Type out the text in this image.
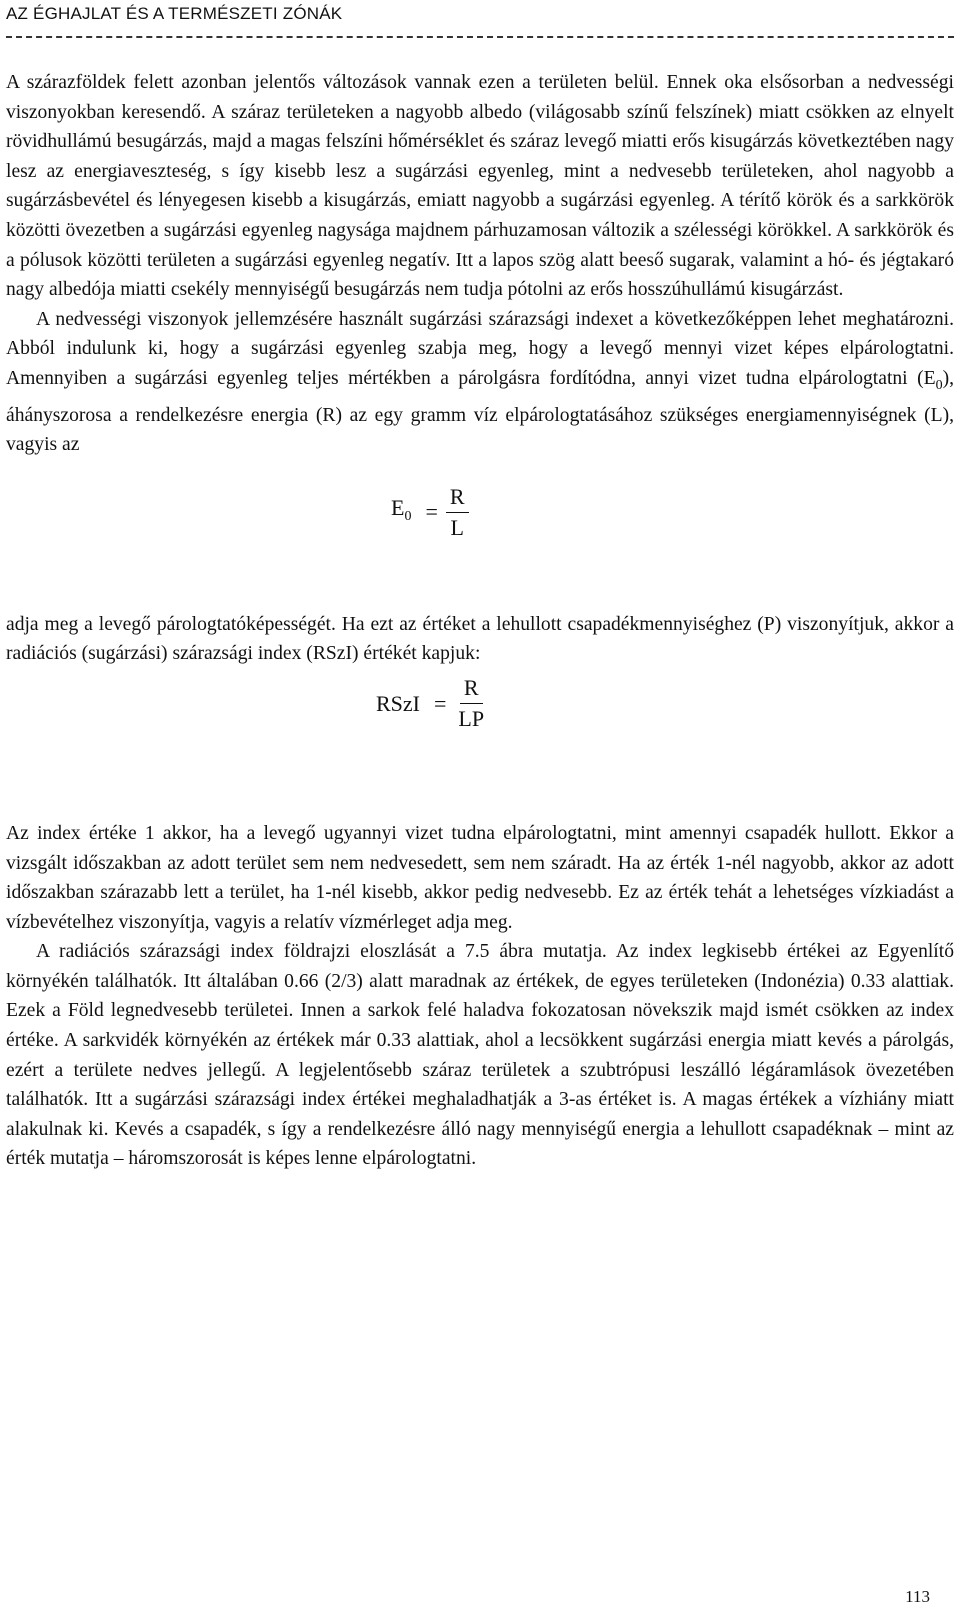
AZ ÉGHAJLAT ÉS A TERMÉSZETI ZÓNÁK

A szárazföldek felett azonban jelentős változások vannak ezen a területen belül. Ennek oka elsősorban a nedvességi viszonyokban keresendő. A száraz területeken a nagyobb albedo (világosabb színű felszínek) miatt csökken az elnyelt rövidhullámú besugárzás, majd a magas felszíni hőmérséklet és száraz levegő miatti erős kisugárzás következtében nagy lesz az energiaveszteség, s így kisebb lesz a sugárzási egyenleg, mint a nedvesebb területeken, ahol nagyobb a sugárzásbevétel és lényegesen kisebb a kisugárzás, emiatt nagyobb a sugárzási egyenleg. A térítő körök és a sarkkörök közötti övezetben a sugárzási egyenleg nagysága majdnem párhuzamosan változik a szélességi körökkel. A sarkkörök és a pólusok közötti területen a sugárzási egyenleg negatív. Itt a lapos szög alatt beeső sugarak, valamint a hó- és jégtakaró nagy albedója miatti csekély mennyiségű besugárzás nem tudja pótolni az erős hosszúhullámú kisugárzást.

A nedvességi viszonyok jellemzésére használt sugárzási szárazsági indexet a következőképpen lehet meghatározni. Abból indulunk ki, hogy a sugárzási egyenleg szabja meg, hogy a levegő mennyi vizet képes elpárologtatni. Amennyiben a sugárzási egyenleg teljes mértékben a párolgásra fordítódna, annyi vizet tudna elpárologtatni $(E_0)$, áhányszorosa a rendelkezésre energia (R) az egy gramm víz elpárologtatásához szükséges energiamennyiségnek (L), vagyis az

$E_0 = \frac{R}{L}$

adja meg a levegő párologtatóképességét. Ha ezt az értéket a lehullott csapadékmennyiséghez (P) viszonyítjuk, akkor a radiációs (sugárzási) szárazsági index (RSzI) értékét kapjuk:

RSzI = $\frac{R}{LP}$

Az index értéke 1 akkor, ha a levegő ugyannyi vizet tudna elpárologtatni, mint amennyi csapadék hullott. Ekkor a vizsgált időszakban az adott terület sem nem nedvesedett, sem nem száradt. Ha az érték 1-nél nagyobb, akkor az adott időszakban szárazabb lett a terület, ha 1-nél kisebb, akkor pedig nedvesebb. Ez az érték tehát a lehetséges vízkiadást a vízbevételhez viszonyítja, vagyis a relatív vízmérleget adja meg.

A radiációs szárazsági index földrajzi eloszlását a 7.5 ábra mutatja. Az index legkisebb értékei az Egyenlítő környékén találhatók. Itt általában 0.66 (2/3) alatt maradnak az értékek, de egyes területeken (Indonézia) 0.33 alattiak. Ezek a Föld legnedvesebb területei. Innen a sarkok felé haladva fokozatosan növekszik majd ismét csökken az index értéke. A sarkvidék környékén az értékek már 0.33 alattiak, ahol a lecsökkent sugárzási energia miatt kevés a párolgás, ezért a területe nedves jellegű. A legjelentősebb száraz területek a szubtrópusi leszálló légáramlások övezetében találhatók. Itt a sugárzási szárazsági index értékei meghaladhatják a 3-as értéket is. A magas értékek a vízhiány miatt alakulnak ki. Kevés a csapadék, s így a rendelkezésre álló nagy mennyiségű energia a lehullott csapadéknak – mint az érték mutatja – háromszorosát is képes lenne elpárologtatni.

113
